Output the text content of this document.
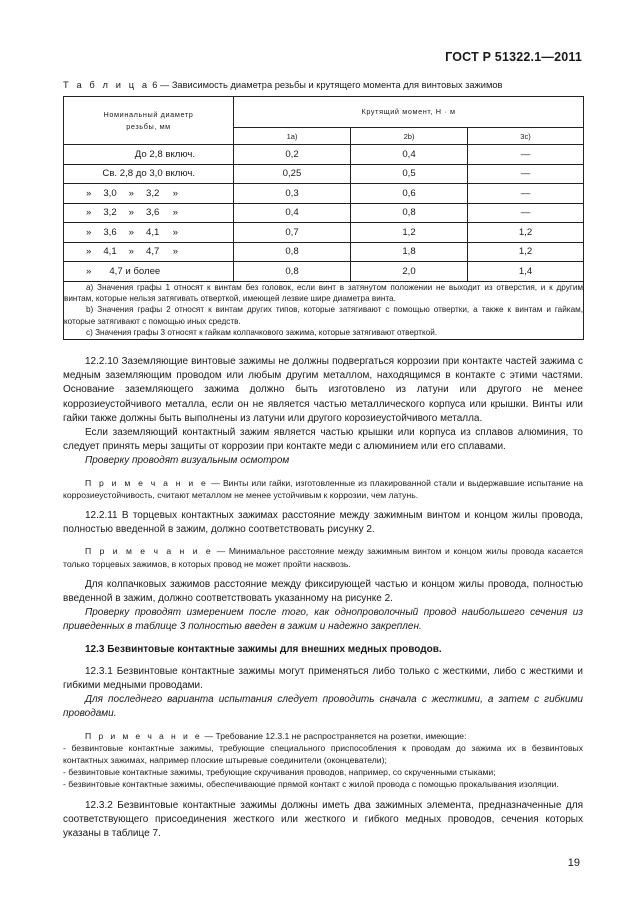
ГОСТ Р 51322.1—2011
Т а б л и ц а 6 — Зависимость диаметра резьбы и крутящего момента для винтовых зажимов
Номинальный диаметр резьбы, мм	Крутящий момент, Н · м		
	1а)	2b)	3c)
До 2,8 включ.	0,2	0,4	—
Св. 2,8 до 3,0 включ.	0,25	0,5	—

» 3,0 » 3,2     »	0,3	0,6	—

» 3,2 » 3,6     »	0,4	0,8	—

» 3,6 » 4,1     »	0,7	1,2	1,2

» 4,1 » 4,7     »	0,8	1,8	1,2
» 4,7 и более	0,8	2,0	1,4

a) Значения графы 1 относят к винтам без головок, если винт в затянутом положении не выходит из отверстия, и к другим винтам, которые нельзя затягивать отверткой, имеющей лезвие шире диаметра винта.

b) Значения графы 2 относят к винтам других типов, которые затягивают с помощью отвертки, а также к винтам и гайкам, которые затягивают с помощью иных средств.

c) Значения графы 3 относят к гайкам колпачкового зажима, которые затягивают отверткой.			

12.2.10 Заземляющие винтовые зажимы не должны подвергаться коррозии при контакте частей зажима с медным заземляющим проводом или любым другим металлом, находящимся в контакте с этими частями. Основание заземляющего зажима должно быть изготовлено из латуни или другого не менее коррозиеустойчивого металла, если он не является частью металлического корпуса или крышки. Винты или гайки также должны быть выполнены из латуни или другого корозиеустойчивого металла.

Если заземляющий контактный зажим является частью крышки или корпуса из сплавов алюминия, то следует принять меры защиты от коррозии при контакте меди с алюминием или его сплавами.

Проверку проводят визуальным осмотром

П р и м е ч а н и е — Винты или гайки, изготовленные из плакированной стали и выдержавшие испытание на коррозиеустойчивость, считают металлом не менее устойчивым к коррозии, чем латунь.

12.2.11 В торцевых контактных зажимах расстояние между зажимным винтом и концом жилы провода, полностью введенной в зажим, должно соответствовать рисунку 2.

П р и м е ч а н и е — Минимальное расстояние между зажимным винтом и концом жилы провода касается только торцевых зажимов, в которых провод не может пройти насквозь.

Для колпачковых зажимов расстояние между фиксирующей частью и концом жилы провода, полностью введенной в зажим, должно соответствовать указанному на рисунке 2.

Проверку проводят измерением после того, как однопроволочный провод наибольшего сечения из приведенных в таблице 3 полностью введен в зажим и надежно закреплен.

12.3 Безвинтовые контактные зажимы для внешних медных проводов.

12.3.1 Безвинтовые контактные зажимы могут применяться либо только с жесткими, либо с жесткими и гибкими медными проводами.

Для последнего варианта испытания следует проводить сначала с жесткими, а затем с гибкими проводами.

П р и м е ч а н и е — Требование 12.3.1 не распространяется на розетки, имеющие:

- безвинтовые контактные зажимы, требующие специального приспособления к проводам до зажима их в безвинтовых контактных зажимах, например плоские штыревые соединители (оконцеватели);

- безвинтовые контактные зажимы, требующие скручивания проводов, например, со скрученными стыками;

- безвинтовые контактные зажимы, обеспечивающие прямой контакт с жилой провода с помощью прокалывания изоляции.

12.3.2 Безвинтовые контактные зажимы должны иметь два зажимных элемента, предназначенные для соответствующего присоединения жесткого или жесткого и гибкого медных проводов, сечения которых указаны в таблице 7.

19
